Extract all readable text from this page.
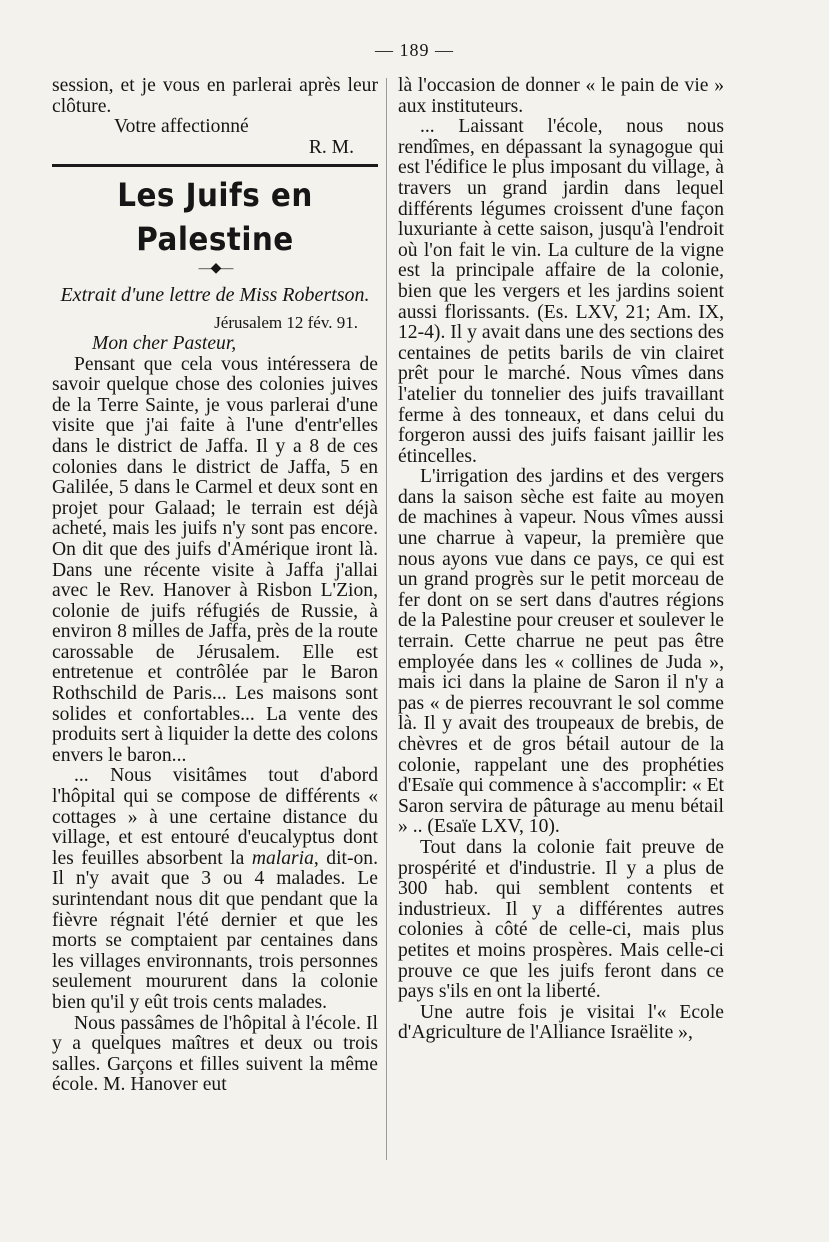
— 189 —

session, et je vous en parlerai après leur clôture.

Votre affectionné

R. M.

Les Juifs en Palestine
—◆—

Extrait d'une lettre de Miss Robertson.

Jérusalem 12 fév. 91.

Mon cher Pasteur,

Pensant que cela vous intéressera de savoir quelque chose des colonies juives de la Terre Sainte, je vous parlerai d'une visite que j'ai faite à l'une d'entr'elles dans le district de Jaffa. Il y a 8 de ces colonies dans le district de Jaffa, 5 en Galilée, 5 dans le Carmel et deux sont en projet pour Galaad; le terrain est déjà acheté, mais les juifs n'y sont pas encore. On dit que des juifs d'Amérique iront là. Dans une récente visite à Jaffa j'allai avec le Rev. Hanover à Risbon L'Zion, colonie de juifs réfugiés de Russie, à environ 8 milles de Jaffa, près de la route carossable de Jérusalem. Elle est entretenue et contrôlée par le Baron Rothschild de Paris... Les maisons sont solides et confortables... La vente des produits sert à liquider la dette des colons envers le baron...

... Nous visitâmes tout d'abord l'hôpital qui se compose de différents « cottages » à une certaine distance du village, et est entouré d'eucalyptus dont les feuilles absorbent la malaria, dit-on. Il n'y avait que 3 ou 4 malades. Le surintendant nous dit que pendant que la fièvre régnait l'été dernier et que les morts se comptaient par centaines dans les villages environnants, trois personnes seulement moururent dans la colonie bien qu'il y eût trois cents malades.

Nous passâmes de l'hôpital à l'école. Il y a quelques maîtres et deux ou trois salles. Garçons et filles suivent la même école. M. Hanover eut

là l'occasion de donner « le pain de vie » aux instituteurs.

... Laissant l'école, nous nous rendîmes, en dépassant la synagogue qui est l'édifice le plus imposant du village, à travers un grand jardin dans lequel différents légumes croissent d'une façon luxuriante à cette saison, jusqu'à l'endroit où l'on fait le vin. La culture de la vigne est la principale affaire de la colonie, bien que les vergers et les jardins soient aussi florissants. (Es. LXV, 21; Am. IX, 12-4). Il y avait dans une des sections des centaines de petits barils de vin clairet prêt pour le marché. Nous vîmes dans l'atelier du tonnelier des juifs travaillant ferme à des tonneaux, et dans celui du forgeron aussi des juifs faisant jaillir les étincelles.

L'irrigation des jardins et des vergers dans la saison sèche est faite au moyen de machines à vapeur. Nous vîmes aussi une charrue à vapeur, la première que nous ayons vue dans ce pays, ce qui est un grand progrès sur le petit morceau de fer dont on se sert dans d'autres régions de la Palestine pour creuser et soulever le terrain. Cette charrue ne peut pas être employée dans les « collines de Juda », mais ici dans la plaine de Saron il n'y a pas « de pierres recouvrant le sol comme là. Il y avait des troupeaux de brebis, de chèvres et de gros bétail autour de la colonie, rappelant une des prophéties d'Esaïe qui commence à s'accomplir: « Et Saron servira de pâturage au menu bétail » .. (Esaïe LXV, 10).

Tout dans la colonie fait preuve de prospérité et d'industrie. Il y a plus de 300 hab. qui semblent contents et industrieux. Il y a différentes autres colonies à côté de celle-ci, mais plus petites et moins prospères. Mais celle-ci prouve ce que les juifs feront dans ce pays s'ils en ont la liberté.

Une autre fois je visitai l'« Ecole d'Agriculture de l'Alliance Israëlite »,
